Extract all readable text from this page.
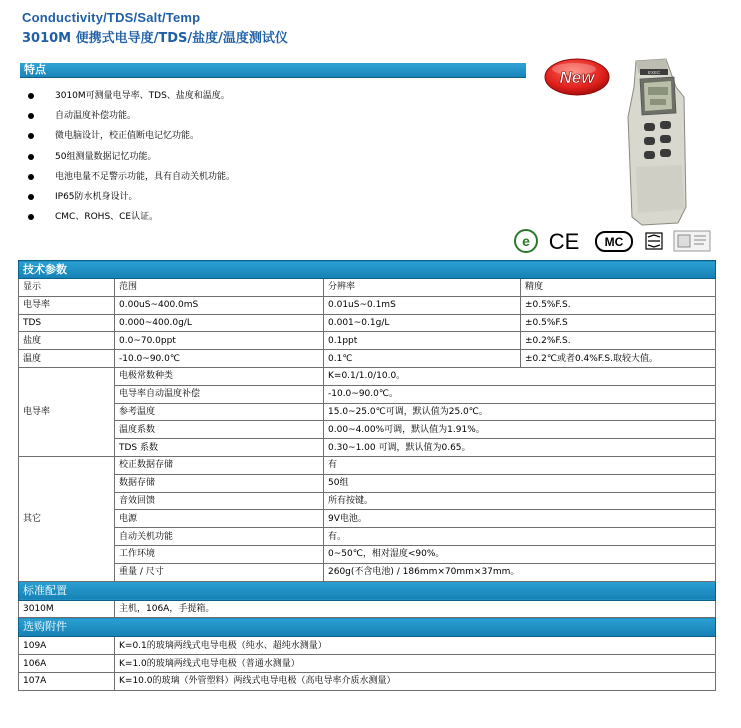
Conductivity/TDS/Salt/Temp
3010M 便携式电导度/TDS/盐度/温度测试仪
特点
3010M可测量电导率、TDS、盐度和温度。
自动温度补偿功能。
微电脑设计，校正值断电记忆功能。
50组测量数据记忆功能。
电池电量不足警示功能，具有自动关机功能。
IP65防水机身设计。
CMC、ROHS、CE认证。
New	EXEC
e CE MC
技术参数			
显示	范围	分辨率	精度
电导率	0.00uS~400.0mS	0.01uS~0.1mS	±0.5%F.S.
TDS	0.000~400.0g/L	0.001~0.1g/L	±0.5%F.S
盐度	0.0~70.0ppt	0.1ppt	±0.2%F.S.
温度	-10.0~90.0℃	0.1℃	±0.2℃或者0.4%F.S.取较大值。
电导率	电极常数种类	K=0.1/1.0/10.0。	
	电导率自动温度补偿	-10.0~90.0℃。	
	参考温度	15.0~25.0℃可调，默认值为25.0℃。	
	温度系数	0.00~4.00%可调，默认值为1.91%。	
	TDS 系数	0.30~1.00 可调，默认值为0.65。	
其它	校正数据存储	有	
	数据存储	50组	
	音效回馈	所有按键。	
	电源	9V电池。	
	自动关机功能	有。	
	工作环境	0~50℃，相对湿度<90%。	
	重量 / 尺寸	260g(不含电池) / 186mm×70mm×37mm。	
标准配置			
3010M	主机，106A，手提箱。		
选购附件			
109A	K=0.1的玻璃两线式电导电极（纯水、超纯水测量）		
106A	K=1.0的玻璃两线式电导电极（普通水测量）		
107A	K=10.0的玻璃（外管塑料）两线式电导电极（高电导率介质水测量）		
